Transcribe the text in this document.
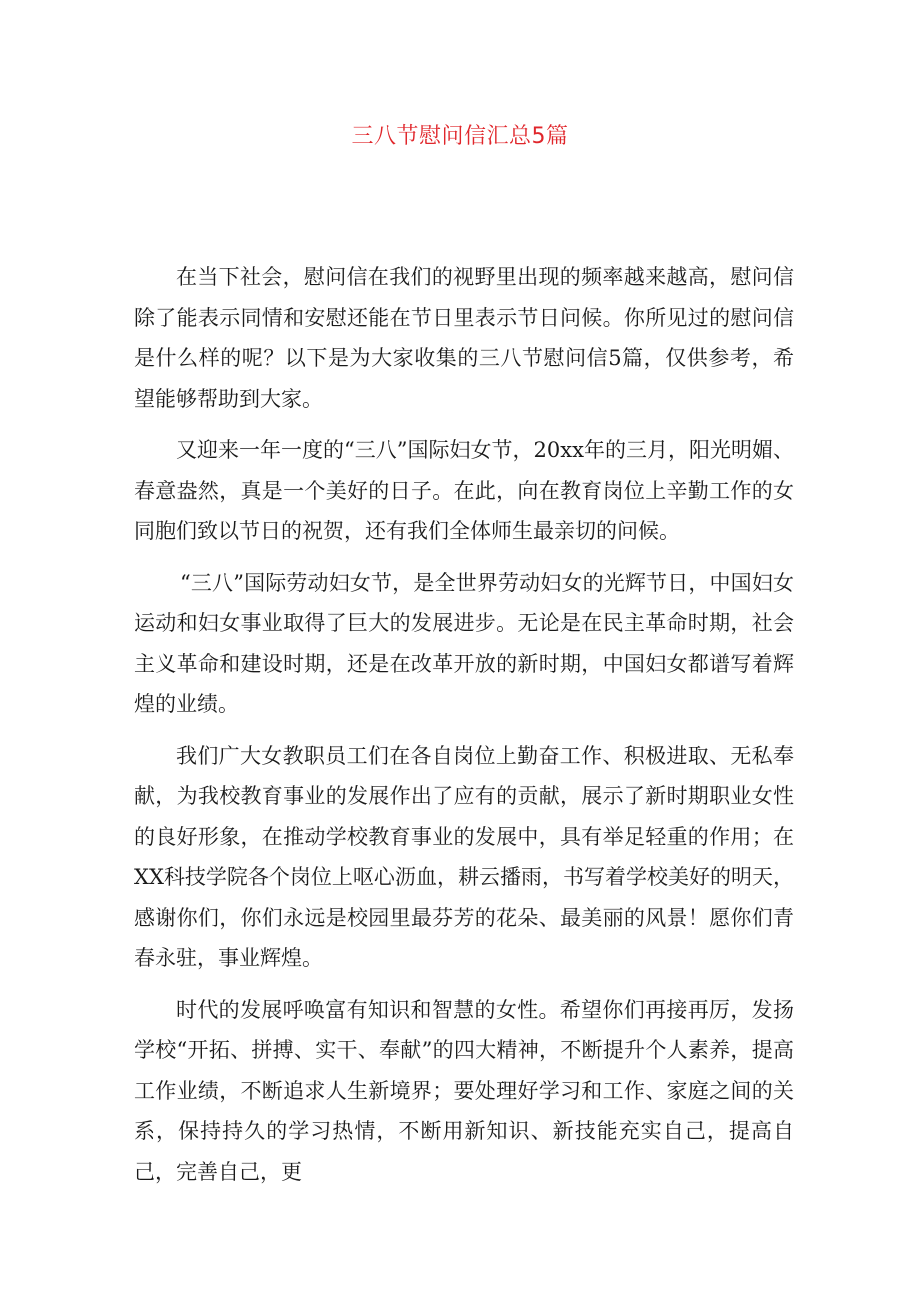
三八节慰问信汇总5篇

在当下社会，慰问信在我们的视野里出现的频率越来越高，慰问信除了能表示同情和安慰还能在节日里表示节日问候。你所见过的慰问信是什么样的呢？以下是为大家收集的三八节慰问信5篇，仅供参考，希望能够帮助到大家。

又迎来一年一度的“三八”国际妇女节，20xx年的三月，阳光明媚、春意盎然，真是一个美好的日子。在此，向在教育岗位上辛勤工作的女同胞们致以节日的祝贺，还有我们全体师生最亲切的问候。

“三八”国际劳动妇女节，是全世界劳动妇女的光辉节日，中国妇女运动和妇女事业取得了巨大的发展进步。无论是在民主革命时期，社会主义革命和建设时期，还是在改革开放的新时期，中国妇女都谱写着辉煌的业绩。

我们广大女教职员工们在各自岗位上勤奋工作、积极进取、无私奉献，为我校教育事业的发展作出了应有的贡献，展示了新时期职业女性的良好形象，在推动学校教育事业的发展中，具有举足轻重的作用；在XX科技学院各个岗位上呕心沥血，耕云播雨，书写着学校美好的明天，感谢你们，你们永远是校园里最芬芳的花朵、最美丽的风景！愿你们青春永驻，事业辉煌。

时代的发展呼唤富有知识和智慧的女性。希望你们再接再厉，发扬学校“开拓、拼搏、实干、奉献”的四大精神，不断提升个人素养，提高工作业绩，不断追求人生新境界；要处理好学习和工作、家庭之间的关系，保持持久的学习热情，不断用新知识、新技能充实自己，提高自己，完善自己，更
